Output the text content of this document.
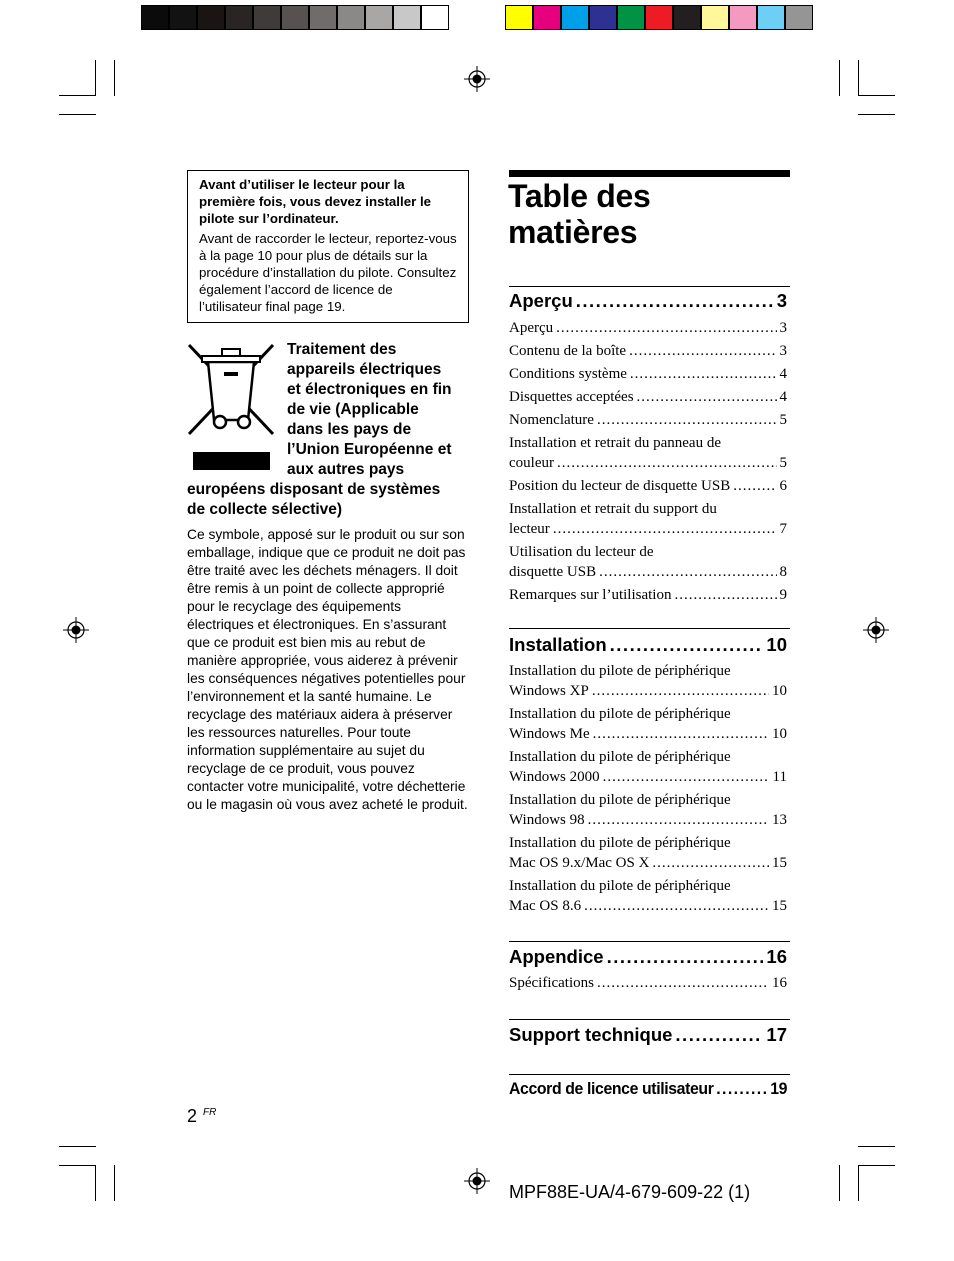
Avant d’utiliser le lecteur pour la première fois, vous devez installer le pilote sur l’ordinateur.
Avant de raccorder le lecteur, reportez-vous à la page 10 pour plus de détails sur la procédure d’installation du pilote. Consultez également l’accord de licence de l’utilisateur final page 19.
Traitement des
appareils électriques
et électroniques en fin
de vie (Applicable
dans les pays de
l’Union Européenne et
aux autres pays
européens disposant de systèmes
de collecte sélective)
Ce symbole, apposé sur le produit ou sur son emballage, indique que ce produit ne doit pas être traité avec les déchets ménagers. Il doit être remis à un point de collecte approprié pour le recyclage des équipements électriques et électroniques. En s’assurant que ce produit est bien mis au rebut de manière appropriée, vous aiderez à prévenir les conséquences négatives potentielles pour l’environnement et la santé humaine. Le recyclage des matériaux aidera à préserver les ressources naturelles. Pour toute information supplémentaire au sujet du recyclage de ce produit, vous pouvez contacter votre municipalité, votre déchetterie ou le magasin où vous avez acheté le produit.
Table des
matières
Aperçu .....	3
Aperçu .....	3
Contenu de la boîte .....	3
Conditions système .....	4
Disquettes acceptées .....	4
Nomenclature .....	5
Installation et retrait du panneau de
couleur .....	5
Position du lecteur de disquette USB .....	6
Installation et retrait du support du
lecteur .....	7
Utilisation du lecteur de
disquette USB .....	8
Remarques sur l’utilisation .....	9
Installation .....	10
Installation du pilote de périphérique
Windows XP .....	10
Installation du pilote de périphérique
Windows Me .....	10
Installation du pilote de périphérique
Windows 2000 .....	11
Installation du pilote de périphérique
Windows 98 .....	13
Installation du pilote de périphérique
Mac OS 9.x/Mac OS X .....	15
Installation du pilote de périphérique
Mac OS 8.6 .....	15
Appendice .....	16
Spécifications .....	16
Support technique .....	17
Accord de licence utilisateur .....	19
2 $^{FR}$
MPF88E-UA/4-679-609-22 (1)
